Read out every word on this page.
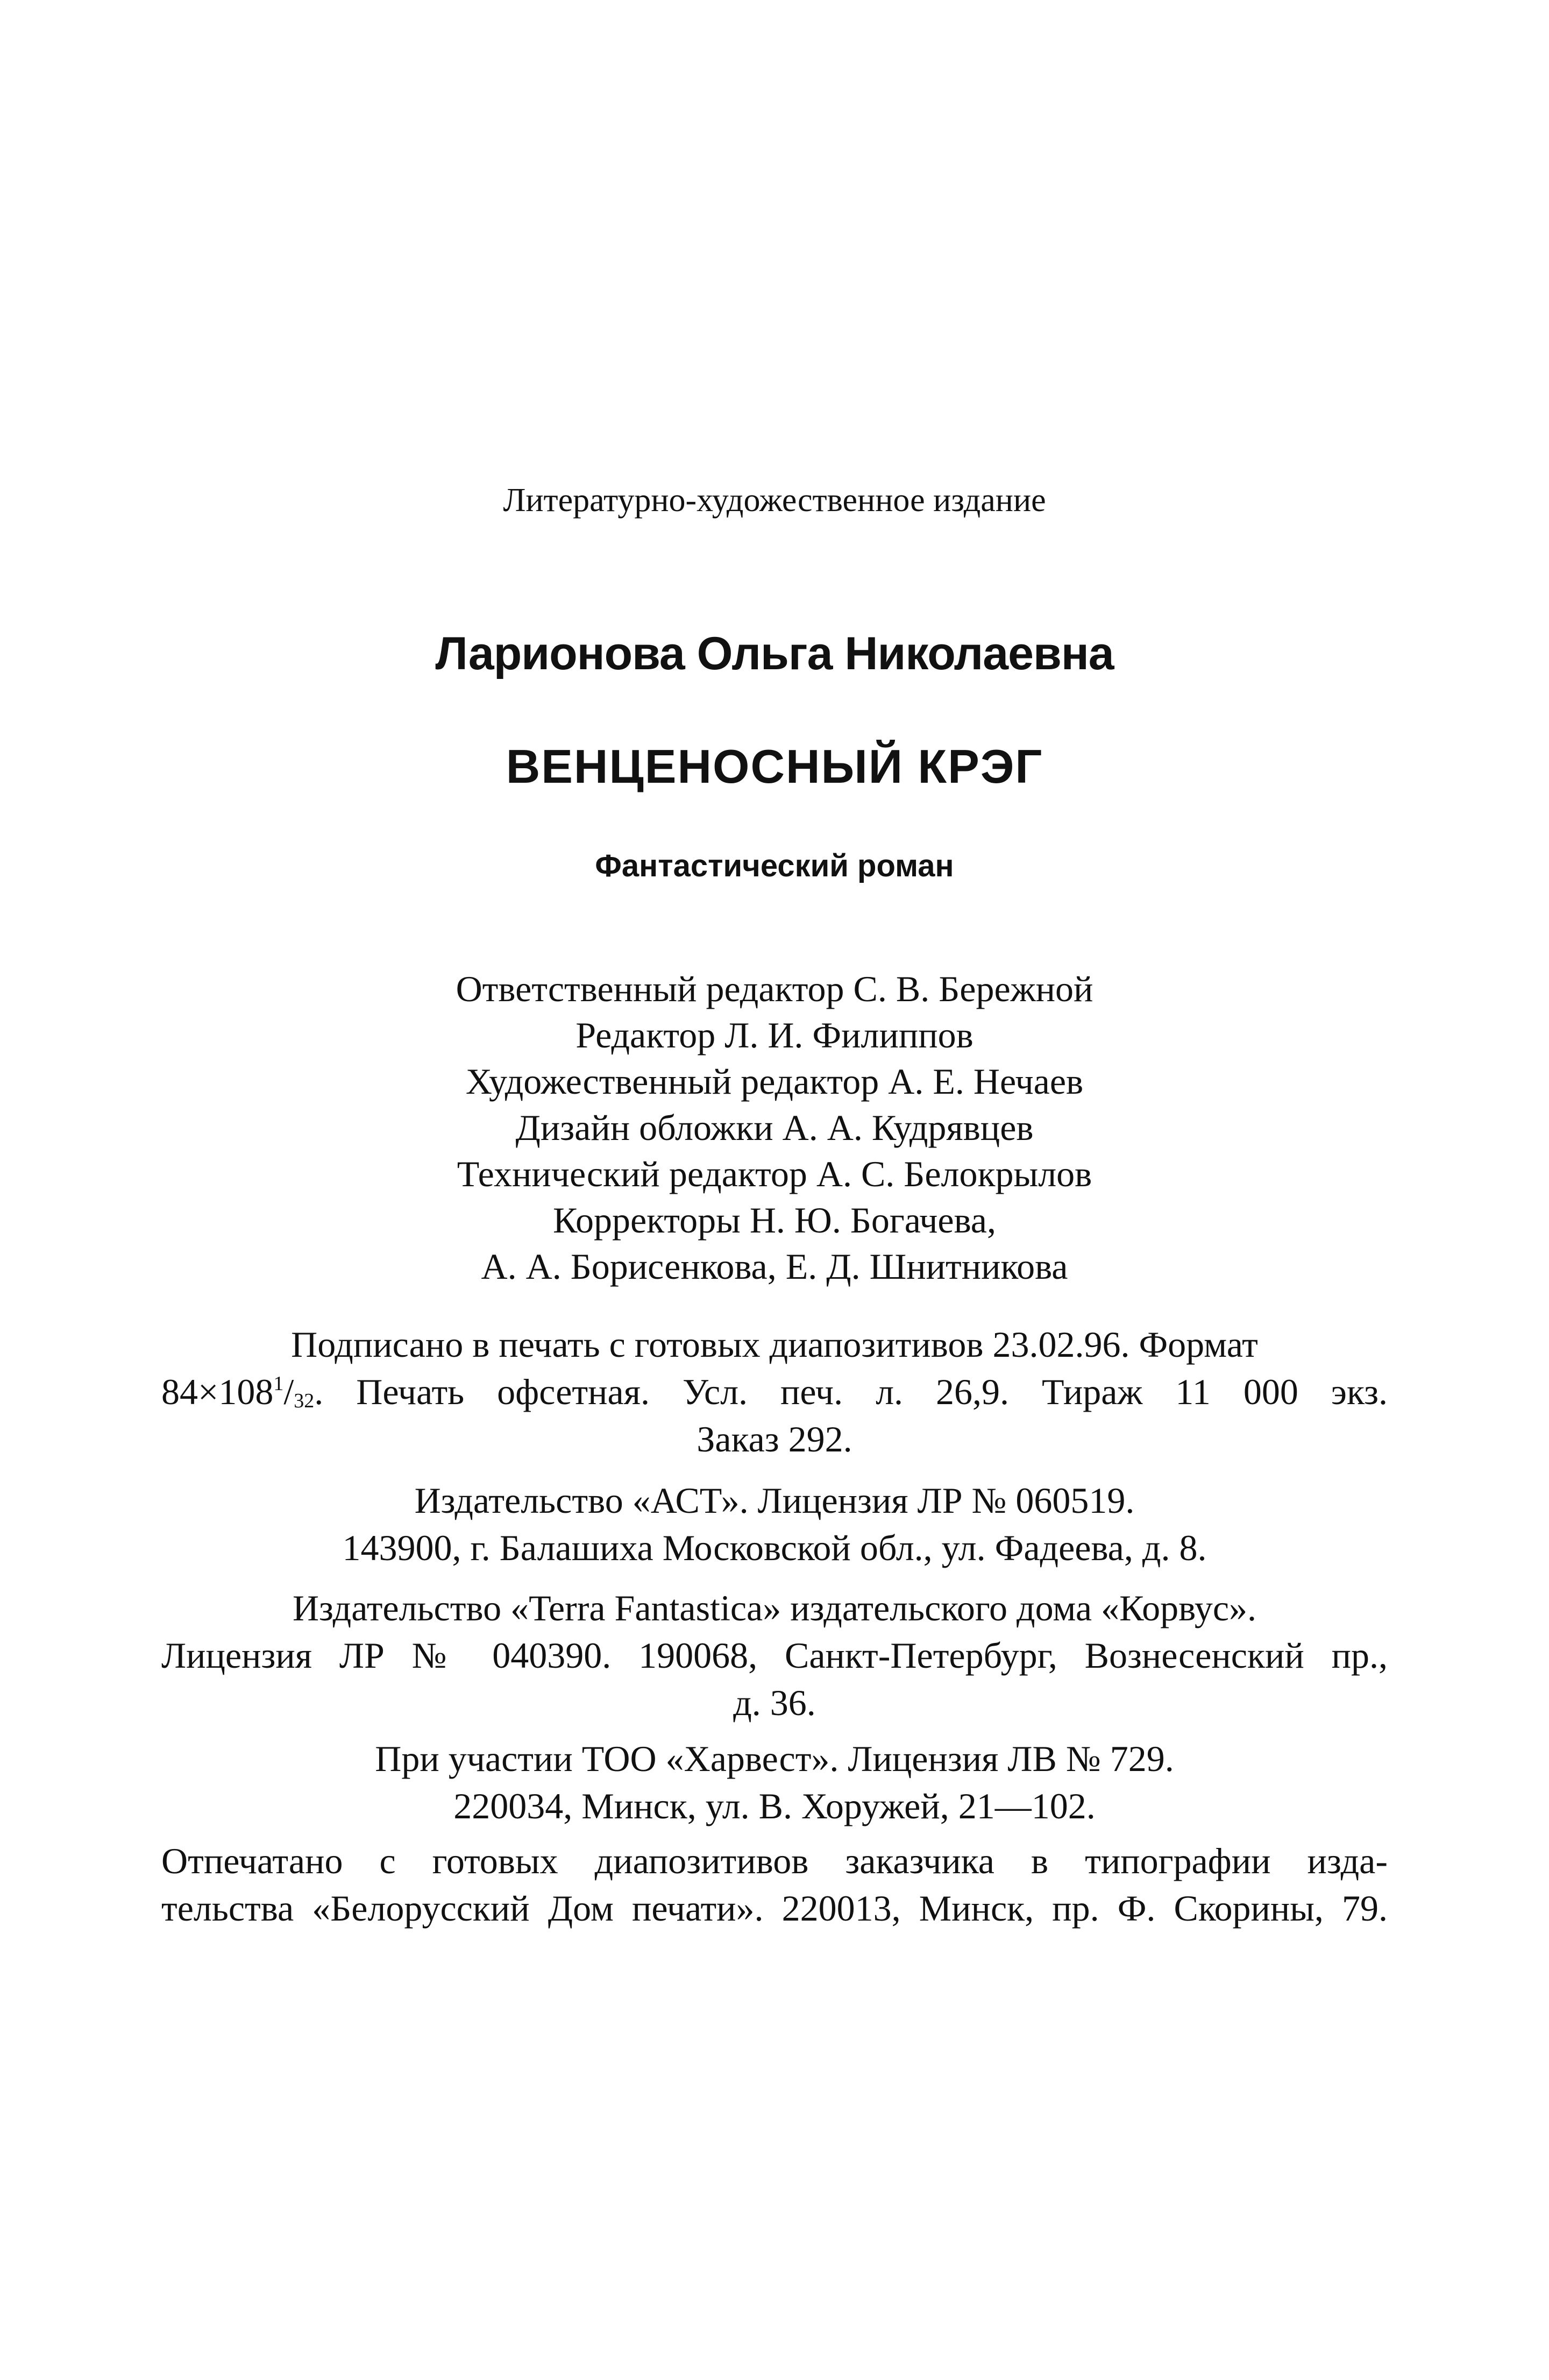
Литературно-художественное издание
Ларионова Ольга Николаевна
ВЕНЦЕНОСНЫЙ КРЭГ
Фантастический роман
Ответственный редактор С. В. Бережной
Редактор Л. И. Филиппов
Художественный редактор А. Е. Нечаев
Дизайн обложки А. А. Кудрявцев
Технический редактор А. С. Белокрылов
Корректоры Н. Ю. Богачева,
А. А. Борисенкова, Е. Д. Шнитникова
Подписано в печать с готовых диапозитивов 23.02.96. Формат
$84\times 108^1/_{32}$. Печать офсетная. Усл. печ. л. 26,9. Тираж 11 000 экз.
Заказ 292.
Издательство «АСТ». Лицензия ЛР № 060519.
143900, г. Балашиха Московской обл., ул. Фадеева, д. 8.
Издательство «Terra Fantastica» издательского дома «Корвус».
Лицензия ЛР № 040390. 190068, Санкт-Петербург, Вознесенский пр.,
д. 36.
При участии ТОО «Харвест». Лицензия ЛВ № 729.
220034, Минск, ул. В. Хоружей, 21—102.
Отпечатано с готовых диапозитивов заказчика в типографии изда-
тельства «Белорусский Дом печати». 220013, Минск, пр. Ф. Скорины, 79.
